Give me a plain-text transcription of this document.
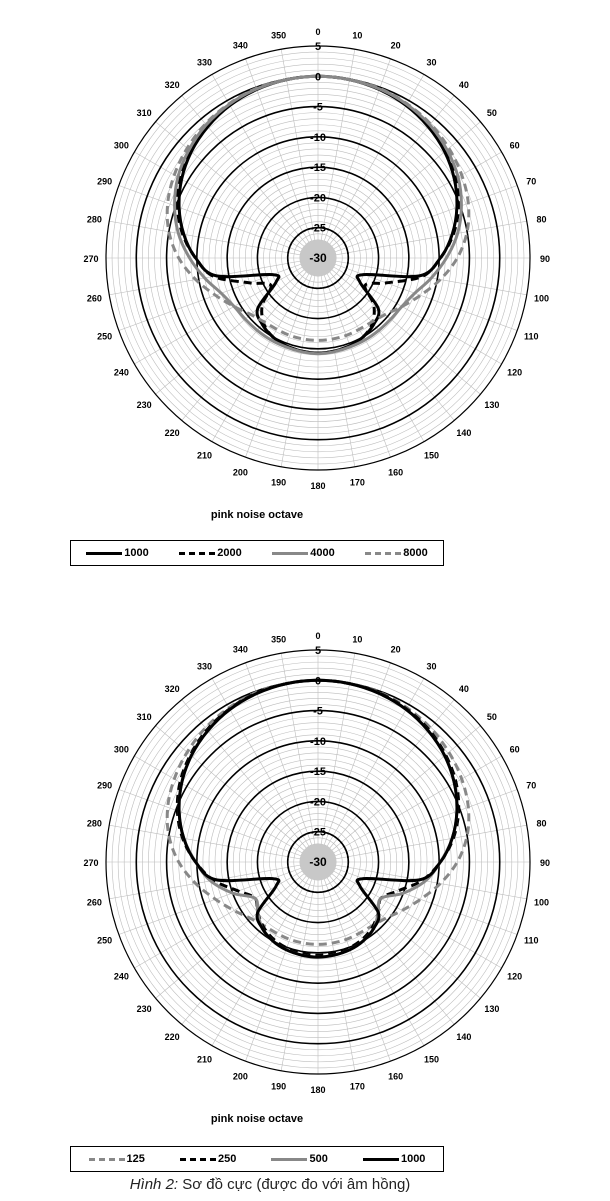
5
0
-5
-10
-15
-20
-25
-30
0	10
20
30
40
50
60
70
80
90
100
110
120
130
140
150
160
170
180
190
200
210
220
230
240
250
260
270
280
290
300
310
320
330
340
350
pink noise octave
5
0
-5
-10
-15
-20
-25
-30
0	10
20
30
40
50
60
70
80
90
100
110
120
130
140
150
160
170
180
190
200
210
220
230
240
250
260
270
280
290
300
310
320
330
340
350
pink noise octave
1000	2000	4000	8000
125	250	500	1000
Hình 2: Sơ đồ cực (được đo với âm hồng)
